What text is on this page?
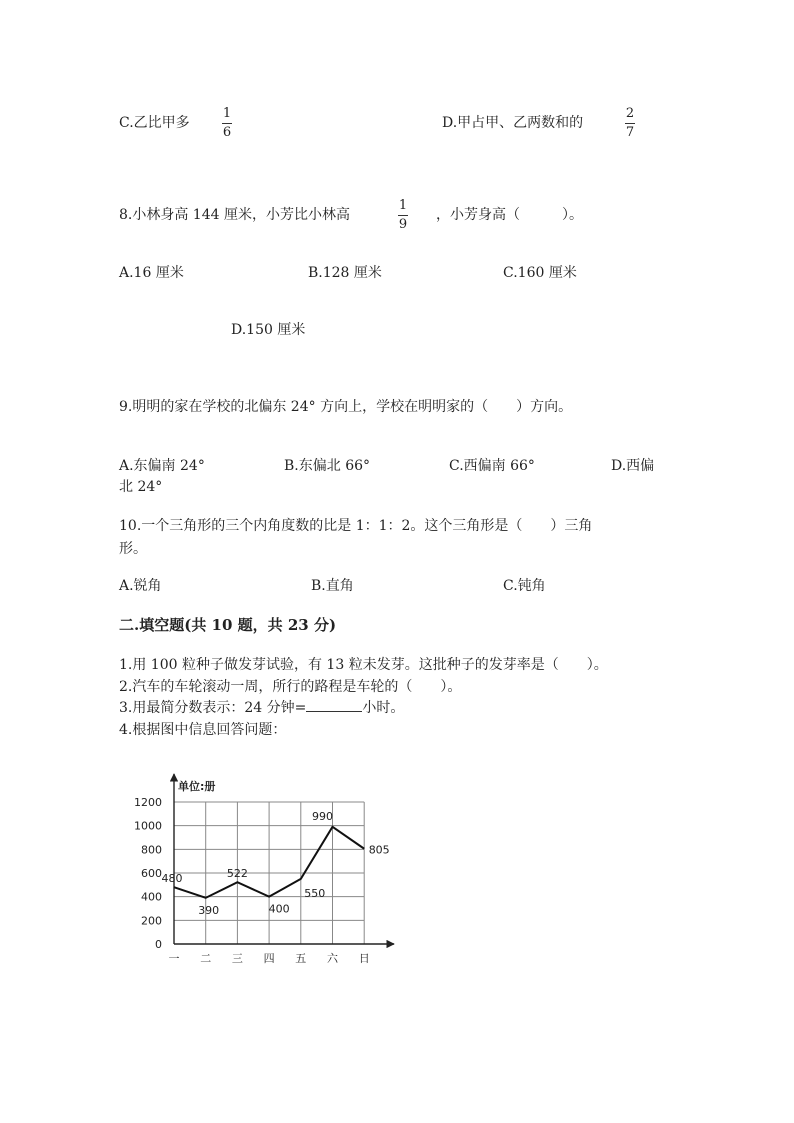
C.乙比甲多
1
6
D.甲占甲、乙两数和的
2
7
8.小林身高 144 厘米，小芳比小林高
1
9
，小芳身高（　　　）。
A.16 厘米	B.128 厘米	C.160 厘米
D.150 厘米
9.明明的家在学校的北偏东 24° 方向上，学校在明明家的（　　）方向。
A.东偏南 24°	B.东偏北 66°	C.西偏南 66°	D.西偏
北 24°
10.一个三角形的三个内角度数的比是 1：1：2。这个三角形是（　　）三角
形。
A.锐角	B.直角	C.钝角
二.填空题(共 10 题，共 23 分)
1.用 100 粒种子做发芽试验，有 13 粒未发芽。这批种子的发芽率是（　　）。
2.汽车的车轮滚动一周，所行的路程是车轮的（　　）。
3.用最简分数表示：24 分钟=	小时。
4.根据图中信息回答问题：
单位:册
0
200
400
600
800
1000
1200
一 二 三 四 五 六 日
480
390
522
400
550
990
805
